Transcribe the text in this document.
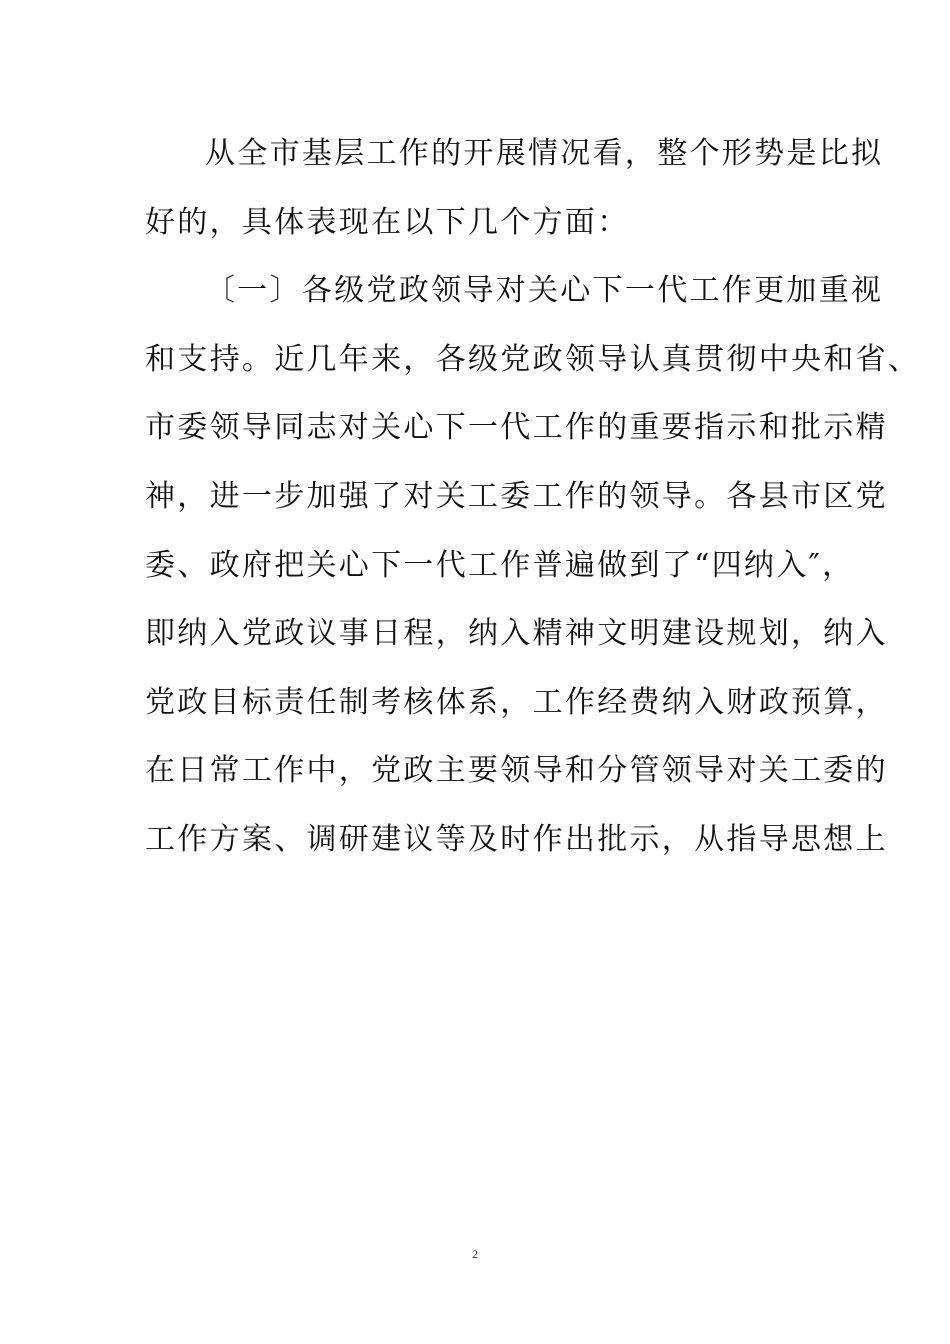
从全市基层工作的开展情况看，整个形势是比拟
好的，具体表现在以下几个方面：
〔一〕各级党政领导对关心下一代工作更加重视
和支持。近几年来，各级党政领导认真贯彻中央和省、
市委领导同志对关心下一代工作的重要指示和批示精
神，进一步加强了对关工委工作的领导。各县市区党
委、政府把关心下一代工作普遍做到了“四纳入″，
即纳入党政议事日程，纳入精神文明建设规划，纳入
党政目标责任制考核体系，工作经费纳入财政预算，
在日常工作中，党政主要领导和分管领导对关工委的
工作方案、调研建议等及时作出批示，从指导思想上
2
